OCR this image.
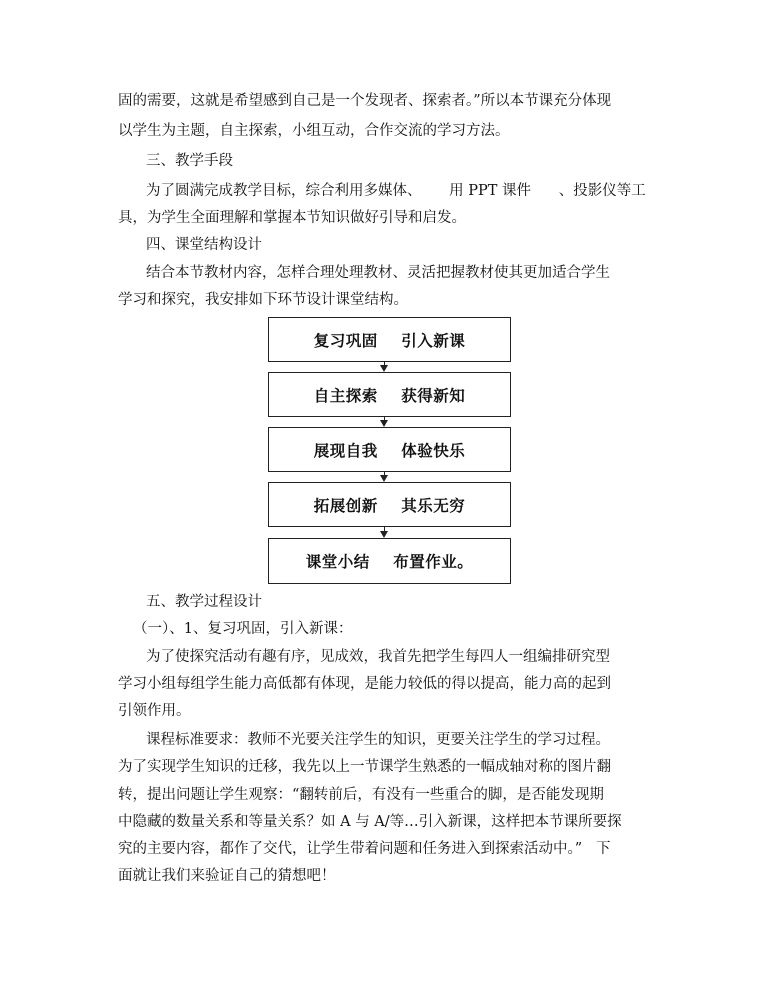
固的需要，这就是希望感到自己是一个发现者、探索者。”所以本节课充分体现
以学生为主题，自主探索，小组互动，合作交流的学习方法。
三、教学手段
为了圆满完成教学目标，综合利用多媒体、      用 PPT 课件      、投影仪等工
具，为学生全面理解和掌握本节知识做好引导和启发。
四、课堂结构设计
结合本节教材内容，怎样合理处理教材、灵活把握教材使其更加适合学生
学习和探究，我安排如下环节设计课堂结构。
复习巩固    引入新课
自主探索    获得新知
展现自我    体验快乐
拓展创新    其乐无穷
课堂小结    布置作业。
五、教学过程设计
（一）、1、复习巩固，引入新课：
为了使探究活动有趣有序，见成效，我首先把学生每四人一组编排研究型
学习小组每组学生能力高低都有体现，是能力较低的得以提高，能力高的起到
引领作用。
课程标准要求：教师不光要关注学生的知识，更要关注学生的学习过程。
为了实现学生知识的迁移，我先以上一节课学生熟悉的一幅成轴对称的图片翻
转，提出问题让学生观察：“翻转前后，有没有一些重合的脚，是否能发现期
中隐藏的数量关系和等量关系？如 A 与 A/等…引入新课，这样把本节课所要探
究的主要内容，都作了交代，让学生带着问题和任务进入到探索活动中。”   下
面就让我们来验证自己的猜想吧！
